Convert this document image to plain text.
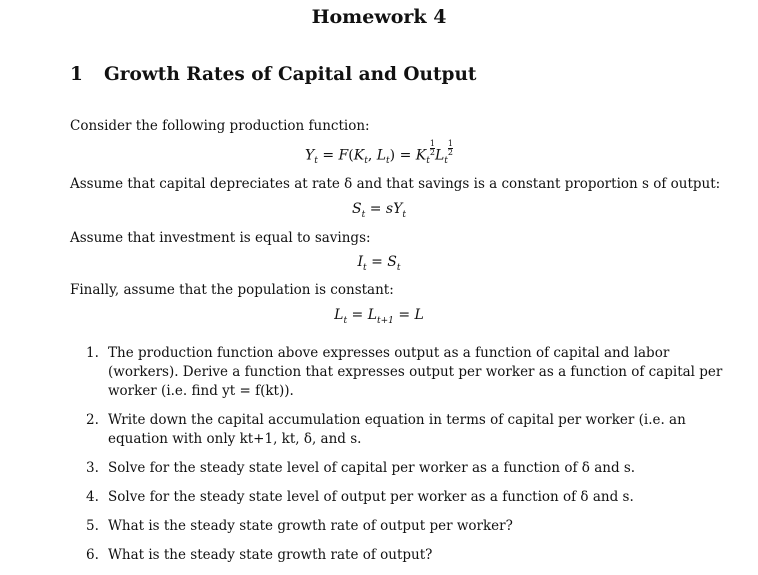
Homework 4
1 Growth Rates of Capital and Output
Consider the following production function:
$Y_t = F(K_t$, $L_t) = K_t$
$\frac{1}{2} L_t$
$\frac{1}{2}$
Assume that capital depreciates at rate δ and that savings is a constant proportion s of output:
$S_t = sY_t$
Assume that investment is equal to savings:
$I_t = S_t$
Finally, assume that the population is constant:
$L_t = L_{t+1} = L$
1. The production function above expresses output as a function of capital and labor (workers). Derive a function that expresses output per worker as a function of capital per worker (i.e. find yt = f(kt)).
2. Write down the capital accumulation equation in terms of capital per worker (i.e. an equation with only kt+1, kt, δ, and s.
3. Solve for the steady state level of capital per worker as a function of δ and s.
4. Solve for the steady state level of output per worker as a function of δ and s.
5. What is the steady state growth rate of output per worker?
6. What is the steady state growth rate of output?
